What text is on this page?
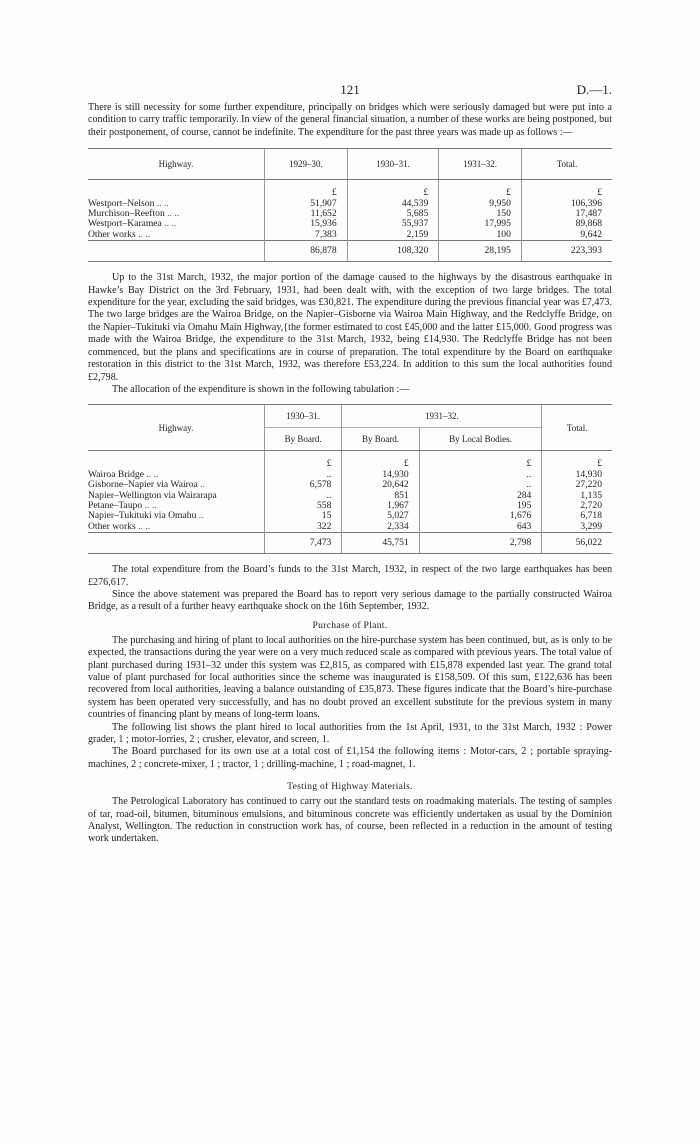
121	D.—1.

There is still necessity for some further expenditure, principally on bridges which were seriously damaged but were put into a condition to carry traffic temporarily. In view of the general financial situation, a number of these works are being postponed, but their postponement, of course, cannot be indefinite. The expenditure for the past three years was made up as follows :—

Highway.	1929–30.	1930–31.	1931–32.	Total.
	£	£	£	£
Westport–Nelson .. ..	51,907	44,539	9,950	106,396
Murchison–Reefton .. ..	11,652	5,685	150	17,487
Westport–Karamea .. ..	15,936	55,937	17,995	89,868
Other works .. ..	7,383	2,159	100	9,642
	86,878	108,320	28,195	223,393

Up to the 31st March, 1932, the major portion of the damage caused to the highways by the disastrous earthquake in Hawke’s Bay District on the 3rd February, 1931, had been dealt with, with the exception of two large bridges. The total expenditure for the year, excluding the said bridges, was £30,821. The expenditure during the previous financial year was £7,473. The two large bridges are the Wairoa Bridge, on the Napier–Gisborne via Wairoa Main Highway, and the Redclyffe Bridge, on the Napier–Tukituki via Omahu Main Highway,{the former estimated to cost £45,000 and the latter £15,000. Good progress was made with the Wairoa Bridge, the expenditure to the 31st March, 1932, being £14,930. The Redclyffe Bridge has not been commenced, but the plans and specifications are in course of preparation. The total expenditure by the Board on earthquake restoration in this district to the 31st March, 1932, was therefore £53,224. In addition to this sum the local authorities found £2,798.

The allocation of the expenditure is shown in the following tabulation :—

Highway.	1930–31.	1931–32.		Total.
	By Board.	By Board.	By Local Bodies.	
	£	£	£	£
Wairoa Bridge .. ..	..	14,930	..	14,930
Gisborne–Napier via Wairoa ..	6,578	20,642	..	27,220
Napier–Wellington via Wairarapa	..	851	284	1,135
Petane–Taupo .. ..	558	1,967	195	2,720
Napier–Tukituki via Omahu ..	15	5,027	1,676	6,718
Other works .. ..	322	2,334	643	3,299
	7,473	45,751	2,798	56,022

The total expenditure from the Board’s funds to the 31st March, 1932, in respect of the two large earthquakes has been £276,617.

Since the above statement was prepared the Board has to report very serious damage to the partially constructed Wairoa Bridge, as a result of a further heavy earthquake shock on the 16th September, 1932.

Purchase of Plant.

The purchasing and hiring of plant to local authorities on the hire-purchase system has been continued, but, as is only to be expected, the transactions during the year were on a very much reduced scale as compared with previous years. The total value of plant purchased during 1931–32 under this system was £2,815, as compared with £15,878 expended last year. The grand total value of plant purchased for local authorities since the scheme was inaugurated is £158,509. Of this sum, £122,636 has been recovered from local authorities, leaving a balance outstanding of £35,873. These figures indicate that the Board’s hire-purchase system has been operated very successfully, and has no doubt proved an excellent substitute for the previous system in many countries of financing plant by means of long-term loans.

The following list shows the plant hired to local authorities from the 1st April, 1931, to the 31st March, 1932 : Power grader, 1 ; motor-lorries, 2 ; crusher, elevator, and screen, 1.

The Board purchased for its own use at a total cost of £1,154 the following items : Motor-cars, 2 ; portable spraying-machines, 2 ; concrete-mixer, 1 ; tractor, 1 ; drilling-machine, 1 ; road-magnet, 1.

Testing of Highway Materials.

The Petrological Laboratory has continued to carry out the standard tests on roadmaking materials. The testing of samples of tar, road-oil, bitumen, bituminous emulsions, and bituminous concrete was efficiently undertaken as usual by the Dominion Analyst, Wellington. The reduction in construction work has, of course, been reflected in a reduction in the amount of testing work undertaken.
